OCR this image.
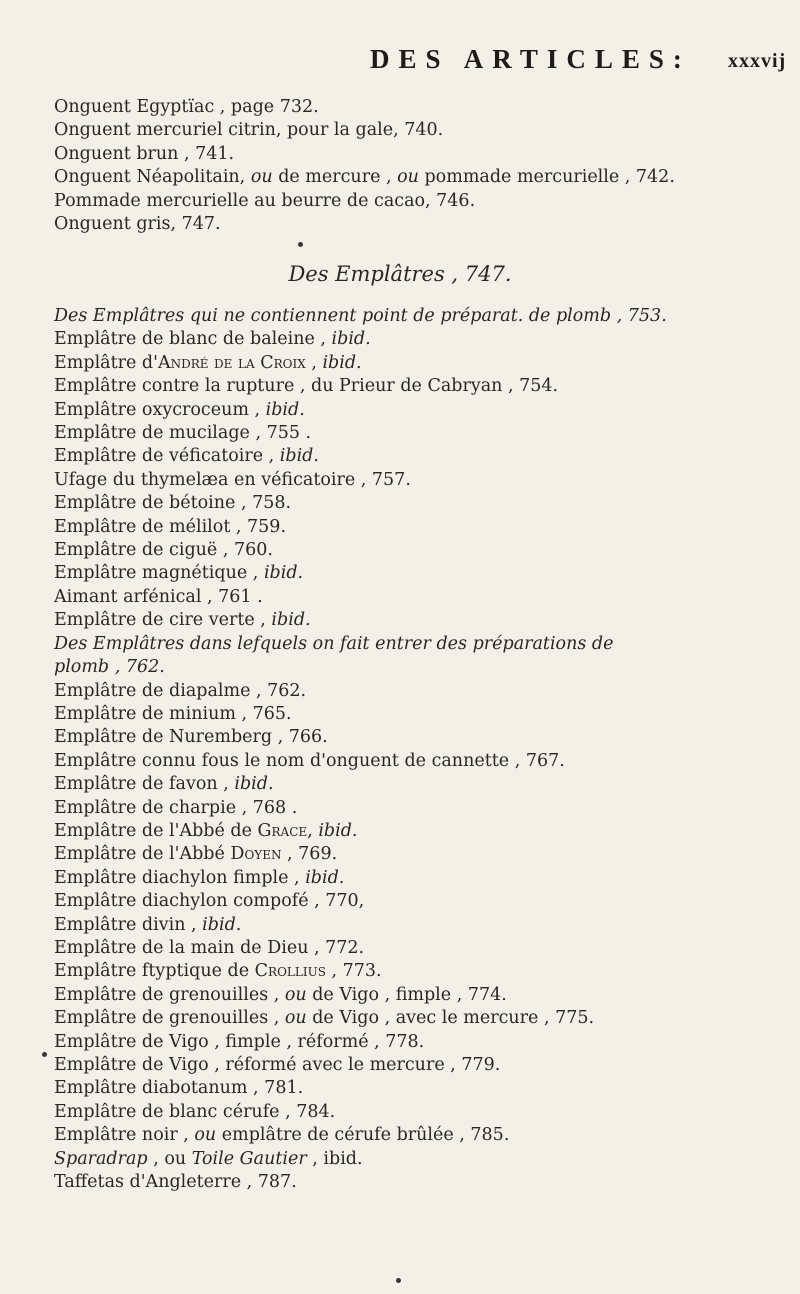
DES ARTICLES: xxxvij
Onguent Egyptïac , page 732.
Onguent mercuriel citrin, pour la gale, 740.
Onguent brun , 741.
Onguent Néapolitain, ou de mercure , ou pommade mercurielle , 742.
Pommade mercurielle au beurre de cacao, 746.
Onguent gris, 747.
Des Emplâtres , 747.
Des Emplâtres qui ne contiennent point de préparat. de plomb , 753.
Emplâtre de blanc de baleine , ibid.
Emplâtre d'André de la Croix , ibid.
Emplâtre contre la rupture , du Prieur de Cabryan , 754.
Emplâtre oxycroceum , ibid.
Emplâtre de mucilage , 755 .
Emplâtre de véficatoire , ibid.
Ufage du thymelæa en véficatoire , 757.
Emplâtre de bétoine , 758.
Emplâtre de mélilot , 759.
Emplâtre de ciguë , 760.
Emplâtre magnétique , ibid.
Aimant arfénical , 761 .
Emplâtre de cire verte , ibid.
Des Emplâtres dans lefquels on fait entrer des préparations de
plomb , 762.
Emplâtre de diapalme , 762.
Emplâtre de minium , 765.
Emplâtre de Nuremberg , 766.
Emplâtre connu fous le nom d'onguent de cannette , 767.
Emplâtre de favon , ibid.
Emplâtre de charpie , 768 .
Emplâtre de l'Abbé de Grace, ibid.
Emplâtre de l'Abbé Doyen , 769.
Emplâtre diachylon fimple , ibid.
Emplâtre diachylon compofé , 770,
Emplâtre divin , ibid.
Emplâtre de la main de Dieu , 772.
Emplâtre ftyptique de Crollius , 773.
Emplâtre de grenouilles , ou de Vigo , fimple , 774.
Emplâtre de grenouilles , ou de Vigo , avec le mercure , 775.
Emplâtre de Vigo , fimple , réformé , 778.
Emplâtre de Vigo , réformé avec le mercure , 779.
Emplâtre diabotanum , 781.
Emplâtre de blanc cérufe , 784.
Emplâtre noir , ou emplâtre de cérufe brûlée , 785.
Sparadrap , ou Toile Gautier , ibid.
Taffetas d'Angleterre , 787.
